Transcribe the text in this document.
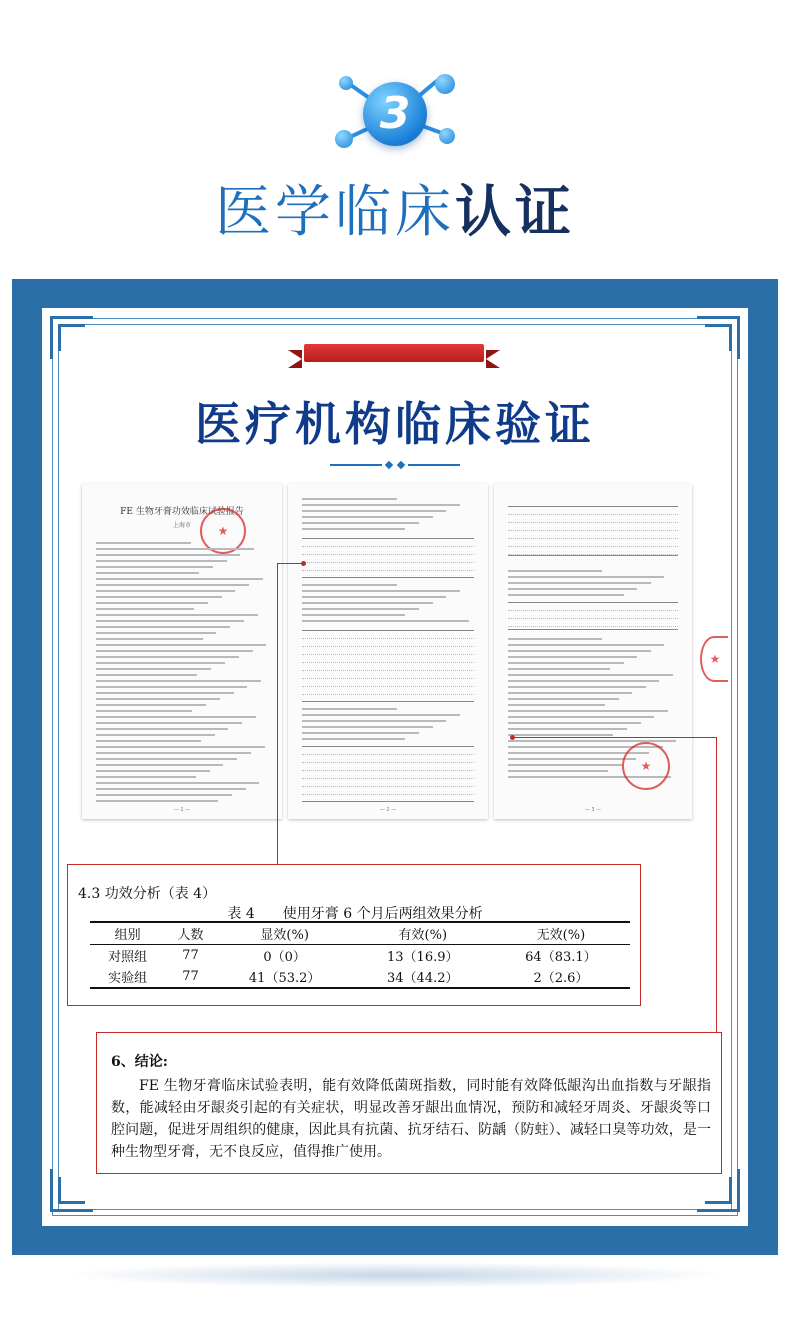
3
医学临床认证
医疗机构临床验证
FE 生物牙膏功效临床试验报告
上海市
★
— 1 —	— 2 —
★	— 3 —
★
4.3 功效分析（表 4）
表 4　　使用牙膏 6 个月后两组效果分析
组别	人数	显效(%)	有效(%)	无效(%)
对照组	77	0（0）	13（16.9）	64（83.1）
实验组	77	41（53.2）	34（44.2）	2（2.6）
6、结论:
FE 生物牙膏临床试验表明，能有效降低菌斑指数，同时能有效降低龈沟出血指数与牙龈指数，能减轻由牙龈炎引起的有关症状，明显改善牙龈出血情况，预防和减轻牙周炎、牙龈炎等口腔问题，促进牙周组织的健康，因此具有抗菌、抗牙结石、防龋（防蛀）、减轻口臭等功效，是一种生物型牙膏，无不良反应，值得推广使用。
